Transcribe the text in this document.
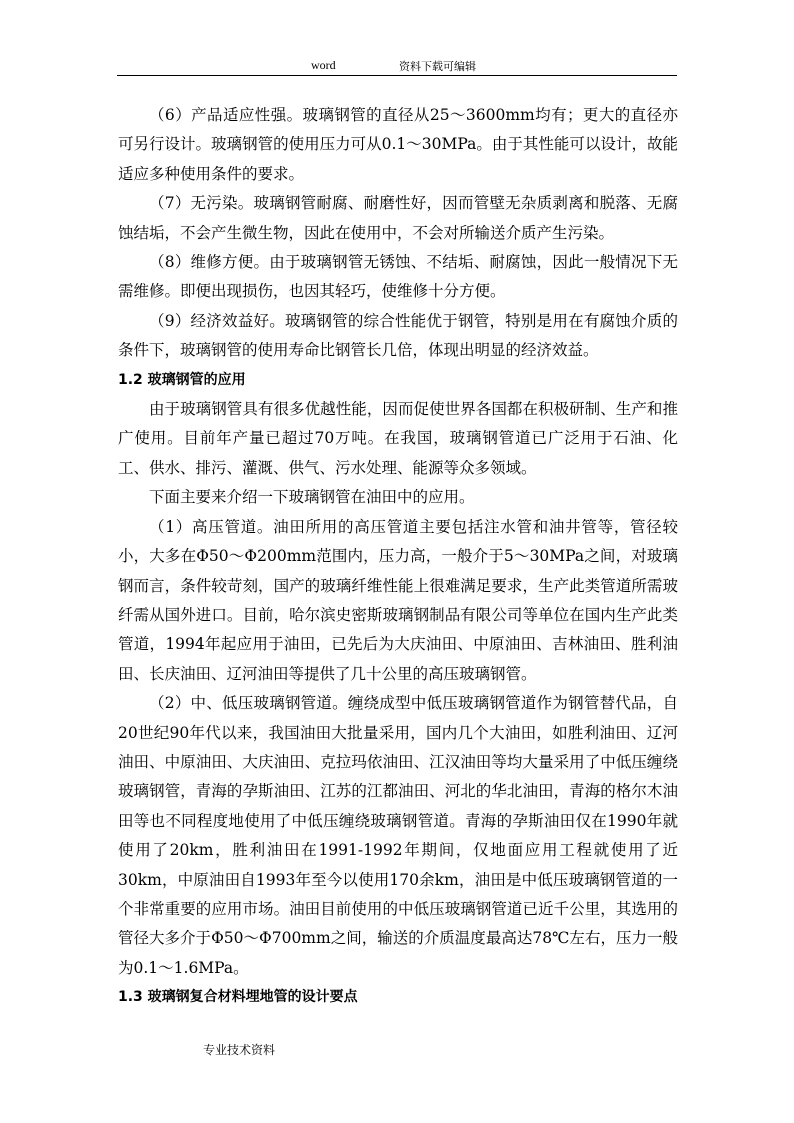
word	资料下载可编辑

（6）产品适应性强。玻璃钢管的直径从25～3600mm均有；更大的直径亦可另行设计。玻璃钢管的使用压力可从0.1～30MPa。由于其性能可以设计，故能适应多种使用条件的要求。

（7）无污染。玻璃钢管耐腐、耐磨性好，因而管壁无杂质剥离和脱落、无腐蚀结垢，不会产生微生物，因此在使用中，不会对所输送介质产生污染。

（8）维修方便。由于玻璃钢管无锈蚀、不结垢、耐腐蚀，因此一般情况下无需维修。即便出现损伤，也因其轻巧，使维修十分方便。

（9）经济效益好。玻璃钢管的综合性能优于钢管，特别是用在有腐蚀介质的条件下，玻璃钢管的使用寿命比钢管长几倍，体现出明显的经济效益。

1.2 玻璃钢管的应用

由于玻璃钢管具有很多优越性能，因而促使世界各国都在积极研制、生产和推广使用。目前年产量已超过70万吨。在我国，玻璃钢管道已广泛用于石油、化工、供水、排污、灌溉、供气、污水处理、能源等众多领域。

下面主要来介绍一下玻璃钢管在油田中的应用。

（1）高压管道。油田所用的高压管道主要包括注水管和油井管等，管径较小，大多在Φ50～Φ200mm范围内，压力高，一般介于5～30MPa之间，对玻璃钢而言，条件较苛刻，国产的玻璃纤维性能上很难满足要求，生产此类管道所需玻纤需从国外进口。目前，哈尔滨史密斯玻璃钢制品有限公司等单位在国内生产此类管道，1994年起应用于油田，已先后为大庆油田、中原油田、吉林油田、胜利油田、长庆油田、辽河油田等提供了几十公里的高压玻璃钢管。

（2）中、低压玻璃钢管道。缠绕成型中低压玻璃钢管道作为钢管替代品，自20世纪90年代以来，我国油田大批量采用，国内几个大油田，如胜利油田、辽河油田、中原油田、大庆油田、克拉玛依油田、江汉油田等均大量采用了中低压缠绕玻璃钢管，青海的孕斯油田、江苏的江都油田、河北的华北油田，青海的格尔木油田等也不同程度地使用了中低压缠绕玻璃钢管道。青海的孕斯油田仅在1990年就使用了20km，胜利油田在1991-1992年期间，仅地面应用工程就使用了近30km，中原油田自1993年至今以使用170余km，油田是中低压玻璃钢管道的一个非常重要的应用市场。油田目前使用的中低压玻璃钢管道已近千公里，其选用的管径大多介于Φ50～Φ700mm之间，输送的介质温度最高达78℃左右，压力一般为0.1～1.6MPa。

1.3 玻璃钢复合材料埋地管的设计要点
专业技术资料
